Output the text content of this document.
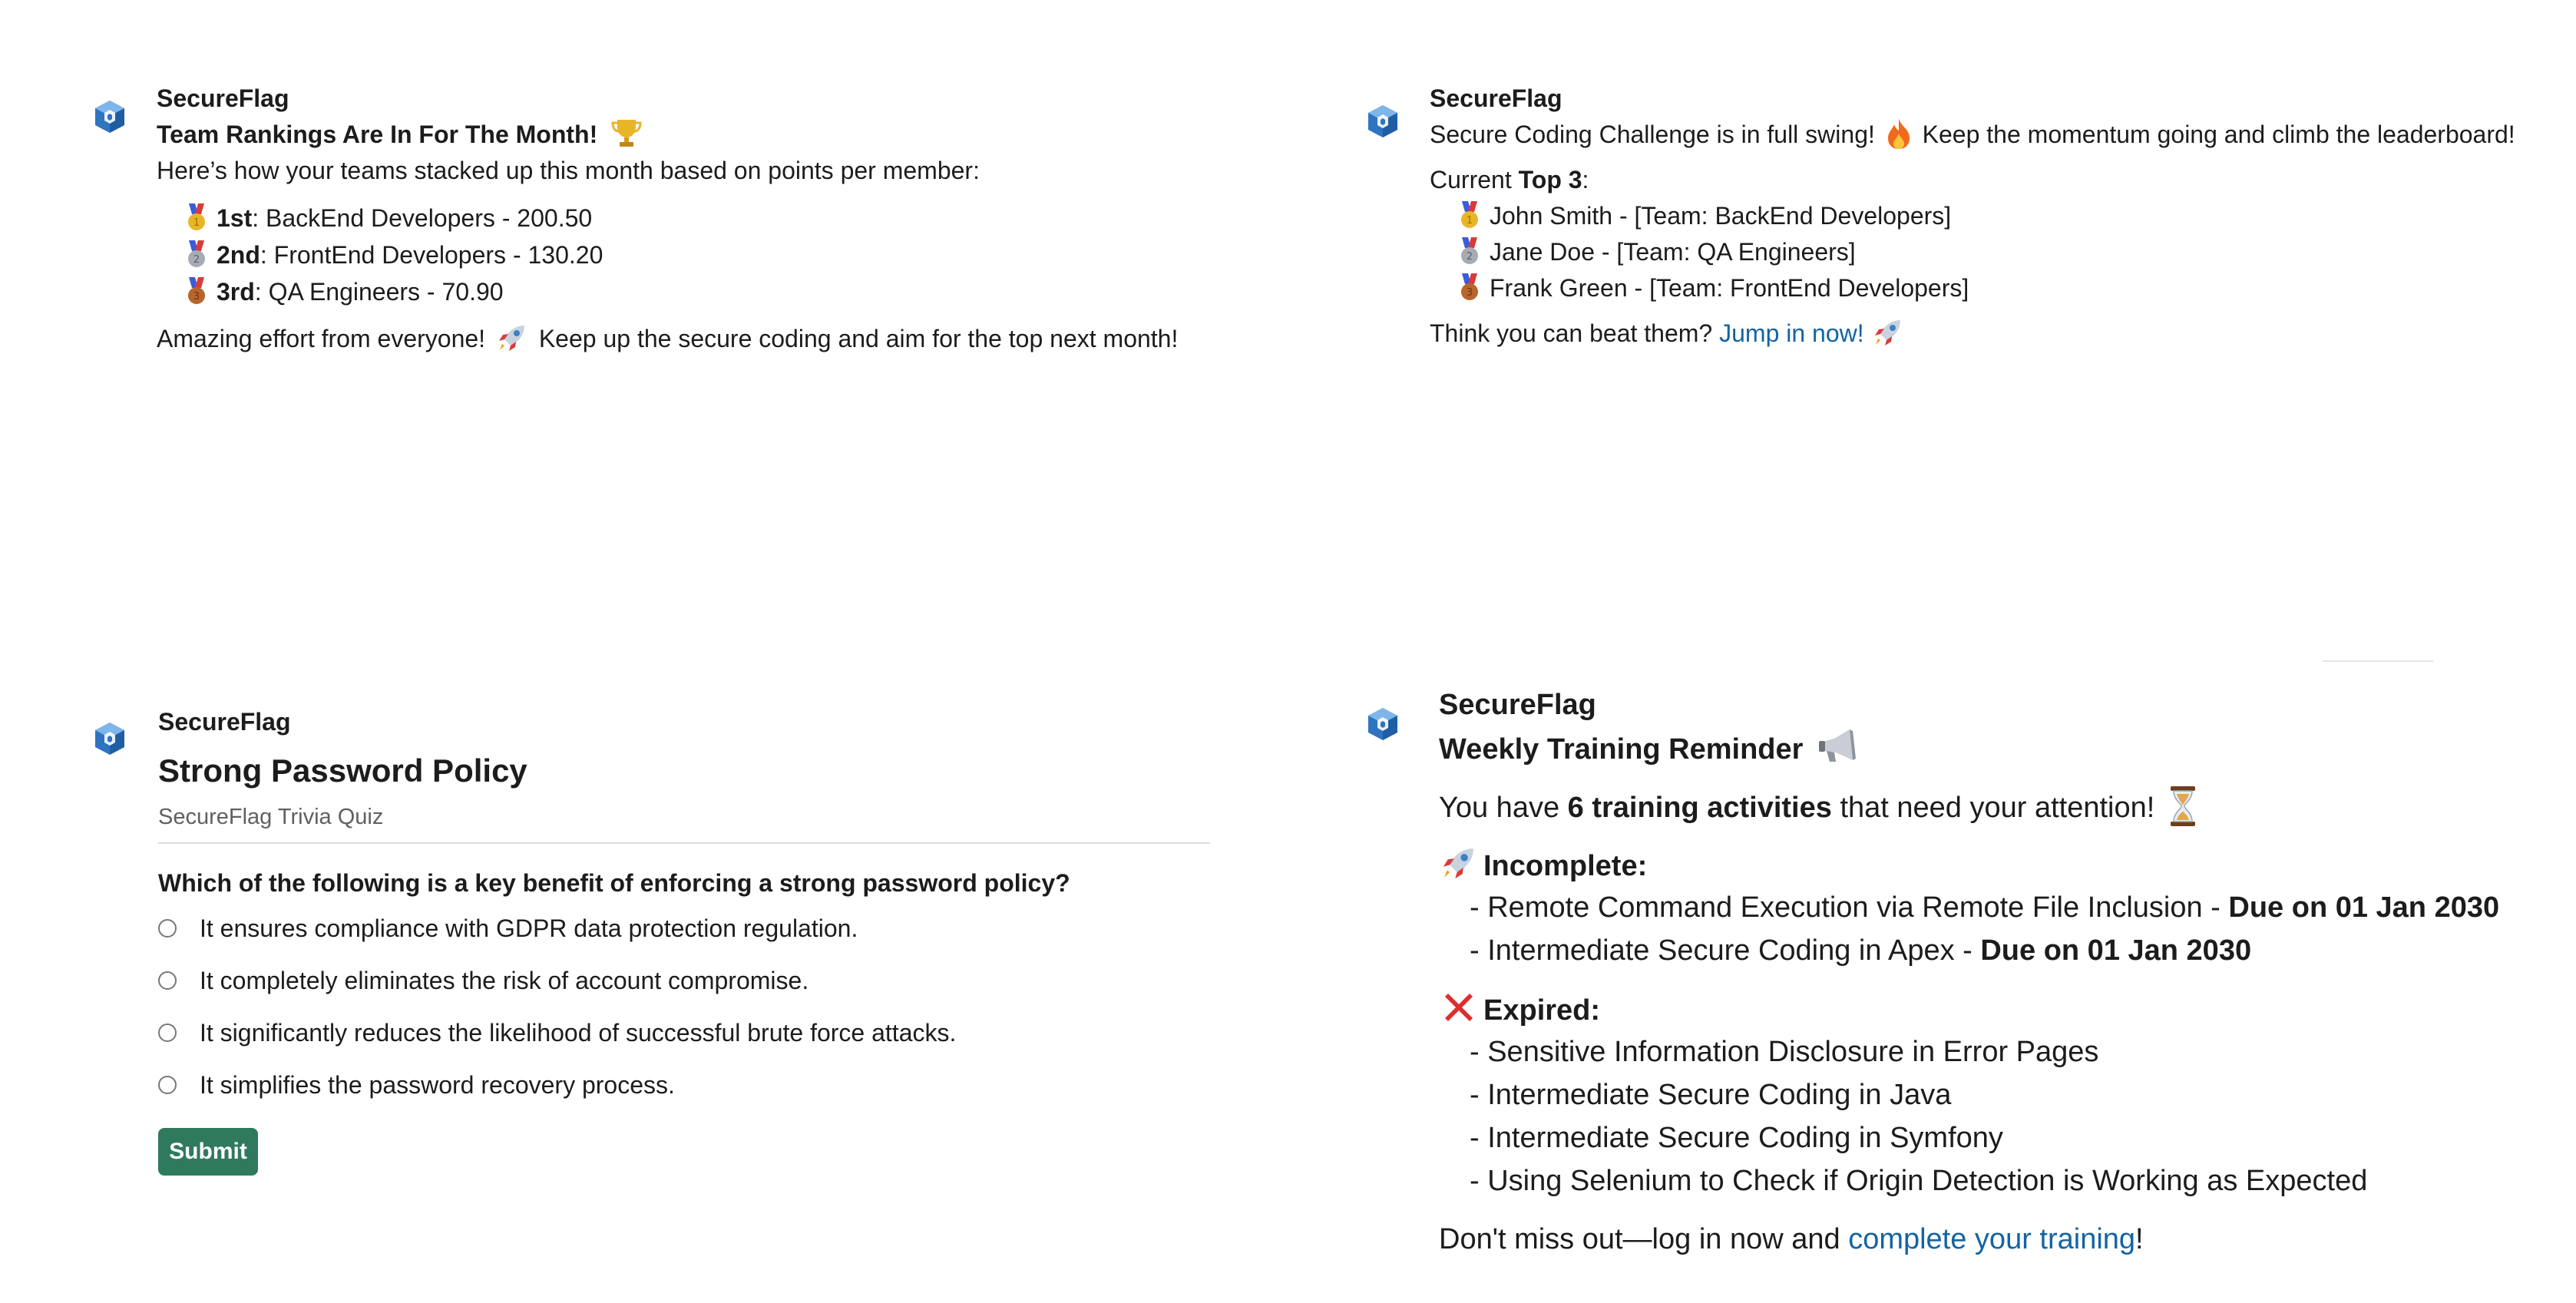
SecureFlag
Team Rankings Are In For The Month!
Here’s how your teams stacked up this month based on points per member:
1 1st: BackEnd Developers - 200.50
2 2nd: FrontEnd Developers - 130.20
3 3rd: QA Engineers - 70.90
Amazing effort from everyone! Keep up the secure coding and aim for the top next month!
SecureFlag
Secure Coding Challenge is in full swing! Keep the momentum going and climb the leaderboard!
Current Top 3:
1 John Smith - [Team: BackEnd Developers]
2 Jane Doe - [Team: QA Engineers]
3 Frank Green - [Team: FrontEnd Developers]
Think you can beat them? Jump in now!
SecureFlag
Strong Password Policy
SecureFlag Trivia Quiz
Which of the following is a key benefit of enforcing a strong password policy?
It ensures compliance with GDPR data protection regulation.
It completely eliminates the risk of account compromise.
It significantly reduces the likelihood of successful brute force attacks.
It simplifies the password recovery process.
Submit
SecureFlag
Weekly Training Reminder
You have 6 training activities that need your attention!
Incomplete:
- Remote Command Execution via Remote File Inclusion - Due on 01 Jan 2030
- Intermediate Secure Coding in Apex - Due on 01 Jan 2030
Expired:
- Sensitive Information Disclosure in Error Pages
- Intermediate Secure Coding in Java
- Intermediate Secure Coding in Symfony
- Using Selenium to Check if Origin Detection is Working as Expected
Don't miss out—log in now and complete your training!
